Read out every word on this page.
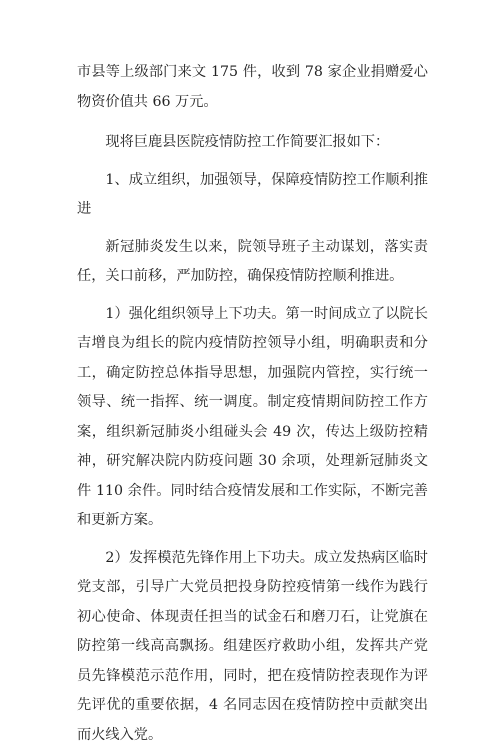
市县等上级部门来文 175 件，收到 78 家企业捐赠爱心物资价值共 66 万元。

现将巨鹿县医院疫情防控工作简要汇报如下：

1、成立组织，加强领导，保障疫情防控工作顺利推进

新冠肺炎发生以来，院领导班子主动谋划，落实责任，关口前移，严加防控，确保疫情防控顺利推进。

1）强化组织领导上下功夫。第一时间成立了以院长吉增良为组长的院内疫情防控领导小组，明确职责和分工，确定防控总体指导思想，加强院内管控，实行统一领导、统一指挥、统一调度。制定疫情期间防控工作方案，组织新冠肺炎小组碰头会 49 次，传达上级防控精神，研究解决院内防疫问题 30 余项，处理新冠肺炎文件 110 余件。同时结合疫情发展和工作实际，不断完善和更新方案。

2）发挥模范先锋作用上下功夫。成立发热病区临时党支部，引导广大党员把投身防控疫情第一线作为践行初心使命、体现责任担当的试金石和磨刀石，让党旗在防控第一线高高飘扬。组建医疗救助小组，发挥共产党员先锋模范示范作用，同时，把在疫情防控表现作为评先评优的重要依据，4 名同志因在疫情防控中贡献突出而火线入党。
